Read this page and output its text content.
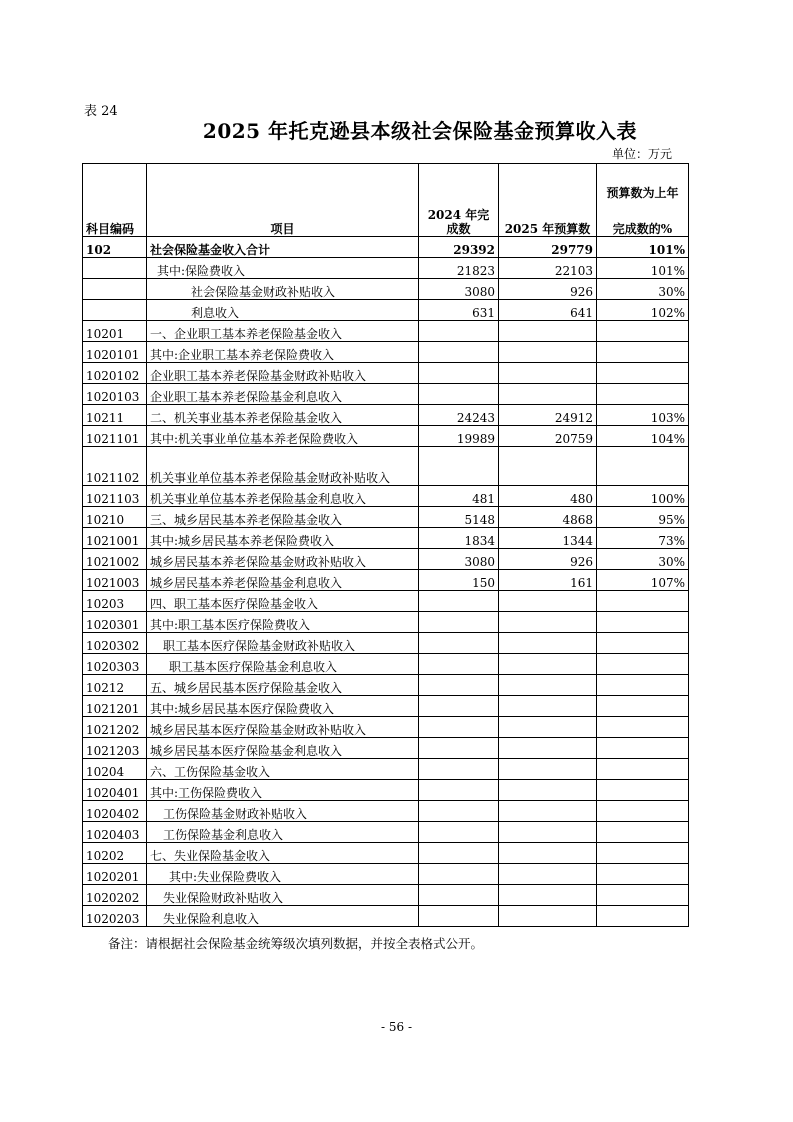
表 24
2025 年托克逊县本级社会保险基金预算收入表
单位：万元
科目编码	项目	2024 年完成数	2025 年预算数	预算数为上年
完成数的%

102	社会保险基金收入合计	29392	29779	101%
	其中:保险费收入	21823	22103	101%
	社会保险基金财政补贴收入	3080	926	30%
	利息收入	631	641	102%
10201	一、企业职工基本养老保险基金收入			
1020101	其中:企业职工基本养老保险费收入			
1020102	企业职工基本养老保险基金财政补贴收入			
1020103	企业职工基本养老保险基金利息收入			
10211	二、机关事业基本养老保险基金收入	24243	24912	103%
1021101	其中:机关事业单位基本养老保险费收入	19989	20759	104%
1021102	机关事业单位基本养老保险基金财政补贴收入			
1021103	机关事业单位基本养老保险基金利息收入	481	480	100%
10210	三、城乡居民基本养老保险基金收入	5148	4868	95%
1021001	其中:城乡居民基本养老保险费收入	1834	1344	73%
1021002	城乡居民基本养老保险基金财政补贴收入	3080	926	30%
1021003	城乡居民基本养老保险基金利息收入	150	161	107%
10203	四、职工基本医疗保险基金收入			
1020301	其中:职工基本医疗保险费收入			
1020302	职工基本医疗保险基金财政补贴收入			
1020303	职工基本医疗保险基金利息收入			
10212	五、城乡居民基本医疗保险基金收入			
1021201	其中:城乡居民基本医疗保险费收入			
1021202	城乡居民基本医疗保险基金财政补贴收入			
1021203	城乡居民基本医疗保险基金利息收入			
10204	六、工伤保险基金收入			
1020401	其中:工伤保险费收入			
1020402	工伤保险基金财政补贴收入			
1020403	工伤保险基金利息收入			
10202	七、失业保险基金收入			
1020201	其中:失业保险费收入			
1020202	失业保险财政补贴收入			
1020203	失业保险利息收入			
备注：请根据社会保险基金统筹级次填列数据，并按全表格式公开。
- 56 -
